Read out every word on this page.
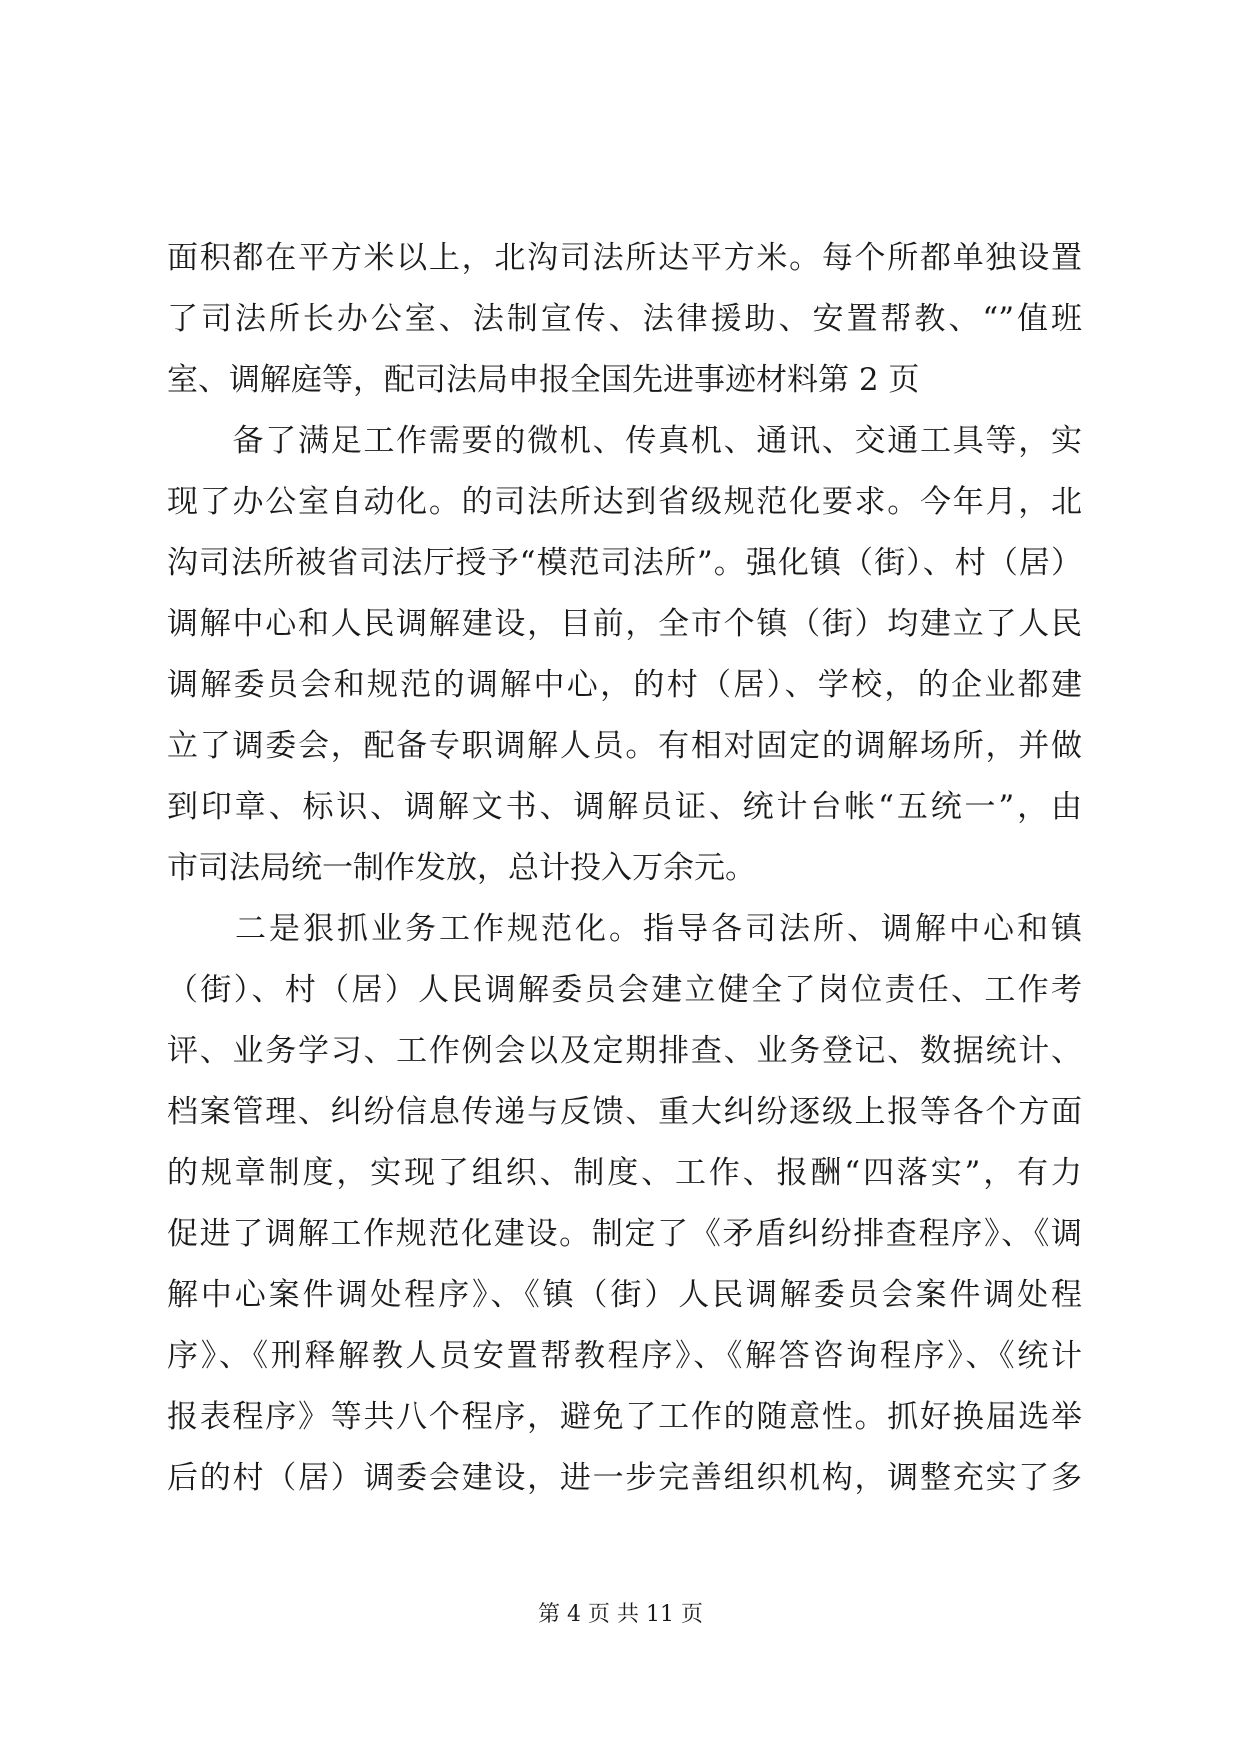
面积都在平方米以上，北沟司法所达平方米。每个所都单独设置
了司法所长办公室、法制宣传、法律援助、安置帮教、“”值班
室、调解庭等，配司法局申报全国先进事迹材料第 2 页
　　备了满足工作需要的微机、传真机、通讯、交通工具等，实
现了办公室自动化。的司法所达到省级规范化要求。今年月，北
沟司法所被省司法厅授予“模范司法所”。强化镇（街）、村（居）
调解中心和人民调解建设，目前，全市个镇（街）均建立了人民
调解委员会和规范的调解中心，的村（居）、学校，的企业都建
立了调委会，配备专职调解人员。有相对固定的调解场所，并做
到印章、标识、调解文书、调解员证、统计台帐“五统一”，由
市司法局统一制作发放，总计投入万余元。
　　二是狠抓业务工作规范化。指导各司法所、调解中心和镇
（街）、村（居）人民调解委员会建立健全了岗位责任、工作考
评、业务学习、工作例会以及定期排查、业务登记、数据统计、
档案管理、纠纷信息传递与反馈、重大纠纷逐级上报等各个方面
的规章制度，实现了组织、制度、工作、报酬“四落实”，有力
促进了调解工作规范化建设。制定了《矛盾纠纷排查程序》、《调
解中心案件调处程序》、《镇（街）人民调解委员会案件调处程
序》、《刑释解教人员安置帮教程序》、《解答咨询程序》、《统计
报表程序》等共八个程序，避免了工作的随意性。抓好换届选举
后的村（居）调委会建设，进一步完善组织机构，调整充实了多
第 4 页 共 11 页
